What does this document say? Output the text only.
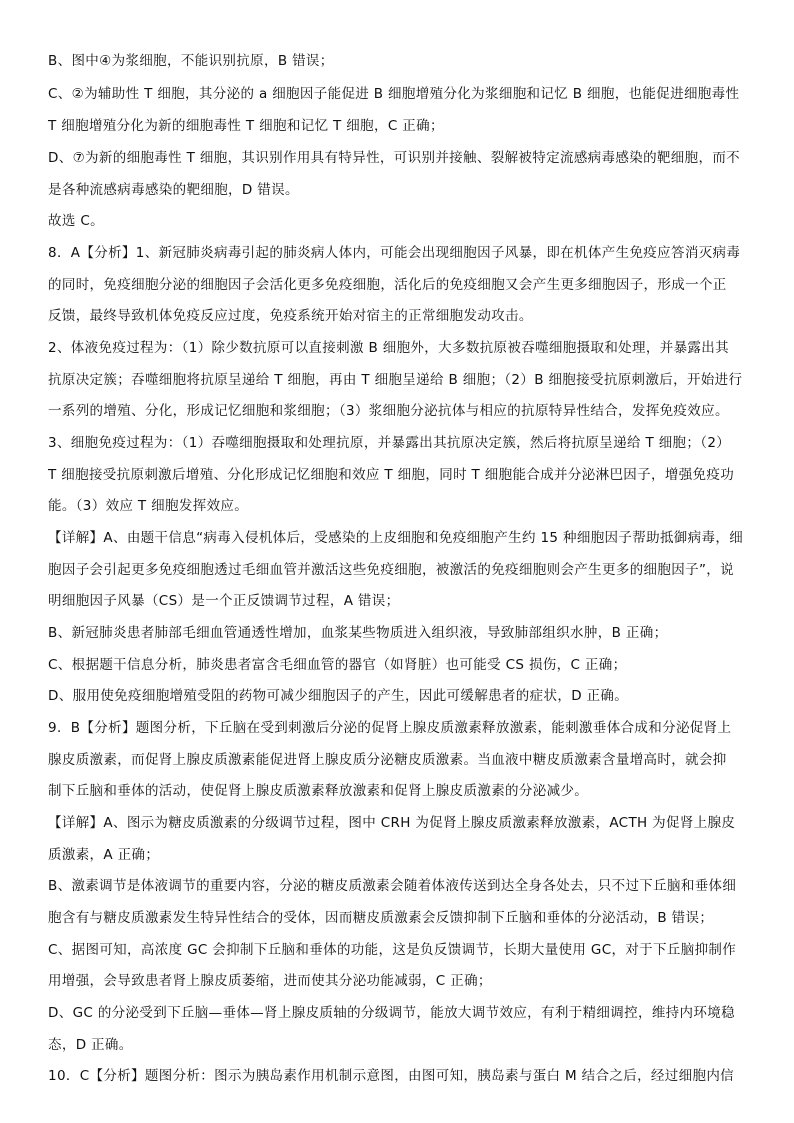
B、图中④为浆细胞，不能识别抗原，B 错误；
C、②为辅助性 T 细胞，其分泌的 a 细胞因子能促进 B 细胞增殖分化为浆细胞和记忆 B 细胞，也能促进细胞毒性
T 细胞增殖分化为新的细胞毒性 T 细胞和记忆 T 细胞，C 正确；
D、⑦为新的细胞毒性 T 细胞，其识别作用具有特异性，可识别并接触、裂解被特定流感病毒感染的靶细胞，而不
是各种流感病毒感染的靶细胞，D 错误。
故选 C。
8．A【分析】1、新冠肺炎病毒引起的肺炎病人体内，可能会出现细胞因子风暴，即在机体产生免疫应答消灭病毒
的同时，免疫细胞分泌的细胞因子会活化更多免疫细胞，活化后的免疫细胞又会产生更多细胞因子，形成一个正
反馈，最终导致机体免疫反应过度，免疫系统开始对宿主的正常细胞发动攻击。
2、体液免疫过程为：（1）除少数抗原可以直接刺激 B 细胞外，大多数抗原被吞噬细胞摄取和处理，并暴露出其
抗原决定簇；吞噬细胞将抗原呈递给 T 细胞，再由 T 细胞呈递给 B 细胞；（2）B 细胞接受抗原刺激后，开始进行
一系列的增殖、分化，形成记忆细胞和浆细胞；（3）浆细胞分泌抗体与相应的抗原特异性结合，发挥免疫效应。
3、细胞免疫过程为：（1）吞噬细胞摄取和处理抗原，并暴露出其抗原决定簇，然后将抗原呈递给 T 细胞；（2）
T 细胞接受抗原刺激后增殖、分化形成记忆细胞和效应 T 细胞，同时 T 细胞能合成并分泌淋巴因子，增强免疫功
能。（3）效应 T 细胞发挥效应。
【详解】A、由题干信息“病毒入侵机体后，受感染的上皮细胞和免疫细胞产生约 15 种细胞因子帮助抵御病毒，细
胞因子会引起更多免疫细胞透过毛细血管并激活这些免疫细胞，被激活的免疫细胞则会产生更多的细胞因子”，说
明细胞因子风暴（CS）是一个正反馈调节过程，A 错误；
B、新冠肺炎患者肺部毛细血管通透性增加，血浆某些物质进入组织液，导致肺部组织水肿，B 正确；
C、根据题干信息分析，肺炎患者富含毛细血管的器官（如肾脏）也可能受 CS 损伤，C 正确；
D、服用使免疫细胞增殖受阻的药物可减少细胞因子的产生，因此可缓解患者的症状，D 正确。
9．B【分析】题图分析，下丘脑在受到刺激后分泌的促肾上腺皮质激素释放激素，能刺激垂体合成和分泌促肾上
腺皮质激素，而促肾上腺皮质激素能促进肾上腺皮质分泌糖皮质激素。当血液中糖皮质激素含量增高时，就会抑
制下丘脑和垂体的活动，使促肾上腺皮质激素释放激素和促肾上腺皮质激素的分泌减少。
【详解】A、图示为糖皮质激素的分级调节过程，图中 CRH 为促肾上腺皮质激素释放激素，ACTH 为促肾上腺皮
质激素，A 正确；
B、激素调节是体液调节的重要内容，分泌的糖皮质激素会随着体液传送到达全身各处去，只不过下丘脑和垂体细
胞含有与糖皮质激素发生特异性结合的受体，因而糖皮质激素会反馈抑制下丘脑和垂体的分泌活动，B 错误；
C、据图可知，高浓度 GC 会抑制下丘脑和垂体的功能，这是负反馈调节，长期大量使用 GC，对于下丘脑抑制作
用增强，会导致患者肾上腺皮质萎缩，进而使其分泌功能减弱，C 正确；
D、GC 的分泌受到下丘脑—垂体—肾上腺皮质轴的分级调节，能放大调节效应，有利于精细调控，维持内环境稳
态，D 正确。
10．C【分析】题图分析：图示为胰岛素作用机制示意图，由图可知，胰岛素与蛋白 M 结合之后，经过细胞内信
